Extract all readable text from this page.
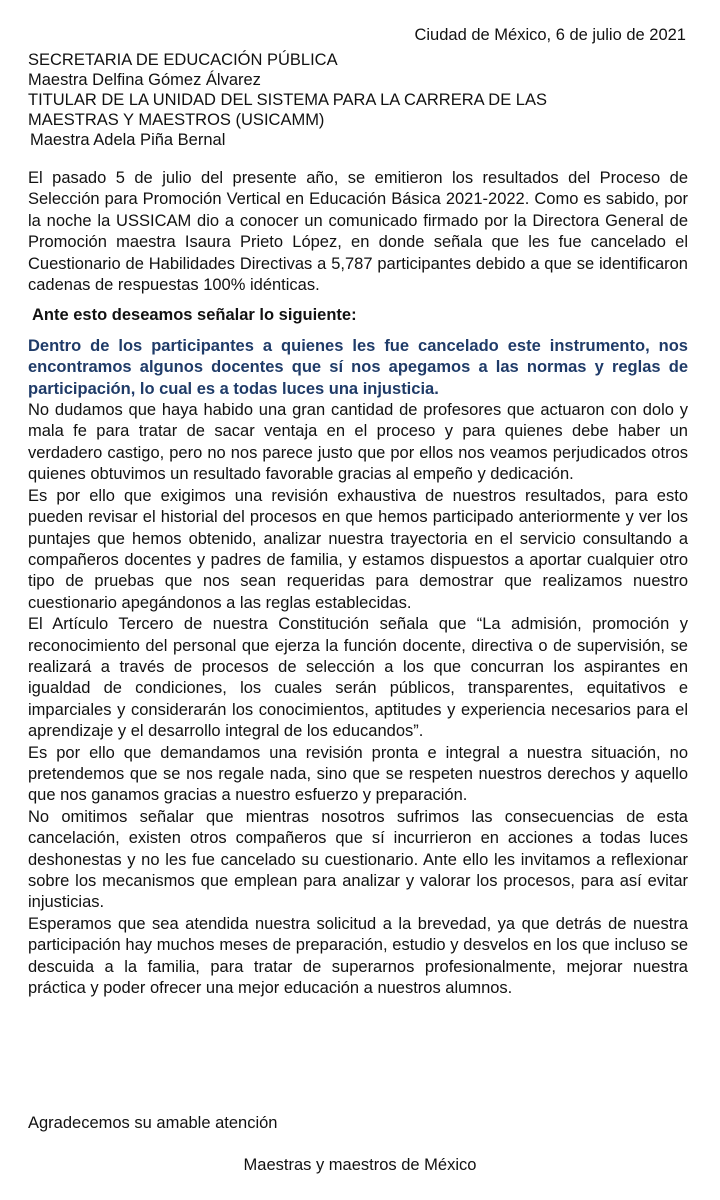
Ciudad de México, 6 de julio de 2021
SECRETARIA DE EDUCACIÓN PÚBLICA
Maestra Delfina Gómez Álvarez
TITULAR DE LA UNIDAD DEL SISTEMA PARA LA CARRERA DE LAS
MAESTRAS Y MAESTROS (USICAMM)
Maestra Adela Piña Bernal

El pasado 5 de julio del presente año, se emitieron los resultados del Proceso de Selección para Promoción Vertical en Educación Básica 2021-2022. Como es sabido, por la noche la USSICAM dio a conocer un comunicado firmado por la Directora General de Promoción maestra Isaura Prieto López, en donde señala que les fue cancelado el Cuestionario de Habilidades Directivas a 5,787 participantes debido a que se identificaron cadenas de respuestas 100% idénticas.

Ante esto deseamos señalar lo siguiente:

Dentro de los participantes a quienes les fue cancelado este instrumento, nos encontramos algunos docentes que sí nos apegamos a las normas y reglas de participación, lo cual es a todas luces una injusticia.

No dudamos que haya habido una gran cantidad de profesores que actuaron con dolo y mala fe para tratar de sacar ventaja en el proceso y para quienes debe haber un verdadero castigo, pero no nos parece justo que por ellos nos veamos perjudicados otros quienes obtuvimos un resultado favorable gracias al empeño y dedicación.

Es por ello que exigimos una revisión exhaustiva de nuestros resultados, para esto pueden revisar el historial del procesos en que hemos participado anteriormente y ver los puntajes que hemos obtenido, analizar nuestra trayectoria en el servicio consultando a compañeros docentes y padres de familia, y estamos dispuestos a aportar cualquier otro tipo de pruebas que nos sean requeridas para demostrar que realizamos nuestro cuestionario apegándonos a las reglas establecidas.

El Artículo Tercero de nuestra Constitución señala que “La admisión, promoción y reconocimiento del personal que ejerza la función docente, directiva o de supervisión, se realizará a través de procesos de selección a los que concurran los aspirantes en igualdad de condiciones, los cuales serán públicos, transparentes, equitativos e imparciales y considerarán los conocimientos, aptitudes y experiencia necesarios para el aprendizaje y el desarrollo integral de los educandos”.

Es por ello que demandamos una revisión pronta e integral a nuestra situación, no pretendemos que se nos regale nada, sino que se respeten nuestros derechos y aquello que nos ganamos gracias a nuestro esfuerzo y preparación.

No omitimos señalar que mientras nosotros sufrimos las consecuencias de esta cancelación, existen otros compañeros que sí incurrieron en acciones a todas luces deshonestas y no les fue cancelado su cuestionario. Ante ello les invitamos a reflexionar sobre los mecanismos que emplean para analizar y valorar los procesos, para así evitar injusticias.

Esperamos que sea atendida nuestra solicitud a la brevedad, ya que detrás de nuestra participación hay muchos meses de preparación, estudio y desvelos en los que incluso se descuida a la familia, para tratar de superarnos profesionalmente, mejorar nuestra práctica y poder ofrecer una mejor educación a nuestros alumnos.

Agradecemos su amable atención
Maestras y maestros de México
